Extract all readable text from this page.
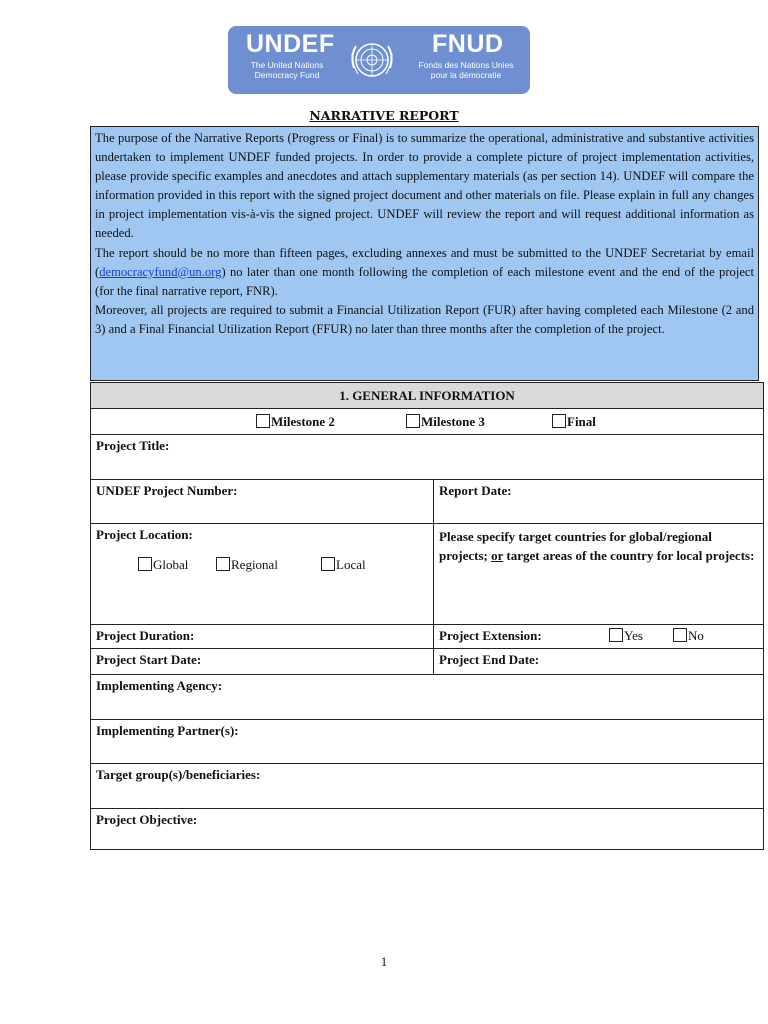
UNDEF
The United Nations
Democracy Fund
FNUD
Fonds des Nations Unies
pour la démocratie
NARRATIVE REPORT

The purpose of the Narrative Reports (Progress or Final) is to summarize the operational, administrative and substantive activities undertaken to implement UNDEF funded projects. In order to provide a complete picture of project implementation activities, please provide specific examples and anecdotes and attach supplementary materials (as per section 14). UNDEF will compare the information provided in this report with the signed project document and other materials on file. Please explain in full any changes in project implementation vis-à-vis the signed project. UNDEF will review the report and will request additional information as needed.

The report should be no more than fifteen pages, excluding annexes and must be submitted to the UNDEF Secretariat by email (democracyfund@un.org) no later than one month following the completion of each milestone event and the end of the project (for the final narrative report, FNR).

Moreover, all projects are required to submit a Financial Utilization Report (FUR) after having completed each Milestone (2 and 3) and a Final Financial Utilization Report (FFUR) no later than three months after the completion of the project.

1. GENERAL INFORMATION	
Milestone 2 Milestone 3 Final	
Project Title:	
UNDEF Project Number:	Report Date:

Project Location:
Global Regional Local	Please specify target countries for global/regional projects; or target areas of the country for local projects:
Project Duration:	Project Extension: Yes No
Project Start Date:	Project End Date:
Implementing Agency:	
Implementing Partner(s):	
Target group(s)/beneficiaries:	
Project Objective:	
1
